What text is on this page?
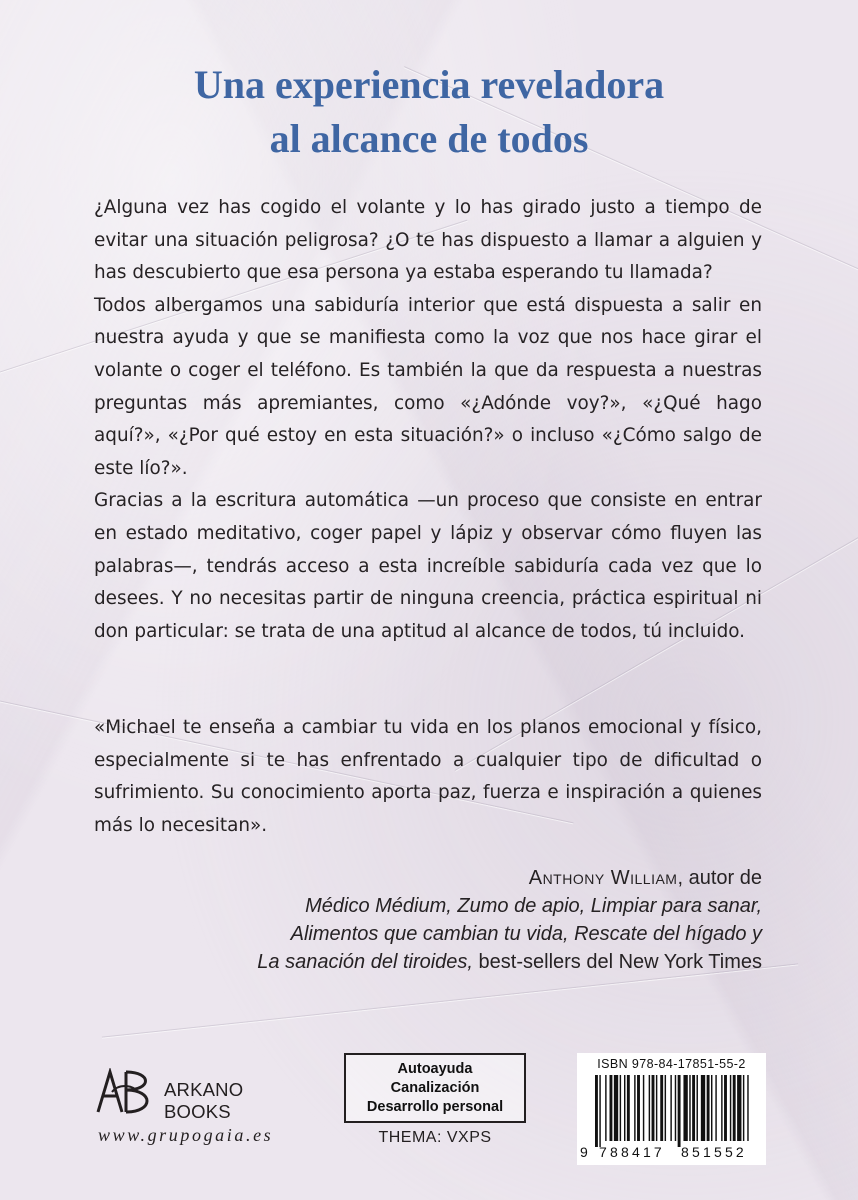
Una experiencia reveladora
al alcance de todos

¿Alguna vez has cogido el volante y lo has girado justo a tiempo de evitar una situación peligrosa? ¿O te has dispuesto a llamar a alguien y has descubierto que esa persona ya estaba esperando tu llamada?

Todos albergamos una sabiduría interior que está dispuesta a salir en nuestra ayuda y que se manifiesta como la voz que nos hace girar el volante o coger el teléfono. Es también la que da respuesta a nuestras preguntas más apremiantes, como «¿Adónde voy?», «¿Qué hago aquí?», «¿Por qué estoy en esta situación?» o incluso «¿Cómo salgo de este lío?».

Gracias a la escritura automática —un proceso que consiste en entrar en estado meditativo, coger papel y lápiz y observar cómo fluyen las palabras—, tendrás acceso a esta increíble sabiduría cada vez que lo desees. Y no necesitas partir de ninguna creencia, práctica espiritual ni don particular: se trata de una aptitud al alcance de todos, tú incluido.

«Michael te enseña a cambiar tu vida en los planos emocional y físico, especialmente si te has enfrentado a cualquier tipo de dificultad o sufrimiento. Su conocimiento aporta paz, fuerza e inspiración a quienes más lo necesitan».
Anthony William, autor de
Médico Médium, Zumo de apio, Limpiar para sanar,
Alimentos que cambian tu vida, Rescate del hígado y
La sanación del tiroides, best-sellers del New York Times
ARKANO BOOKS
www.grupogaia.es
Autoayuda
Canalización
Desarrollo personal
THEMA: VXPS
ISBN 978-84-17851-55-2
9 788417 851552
